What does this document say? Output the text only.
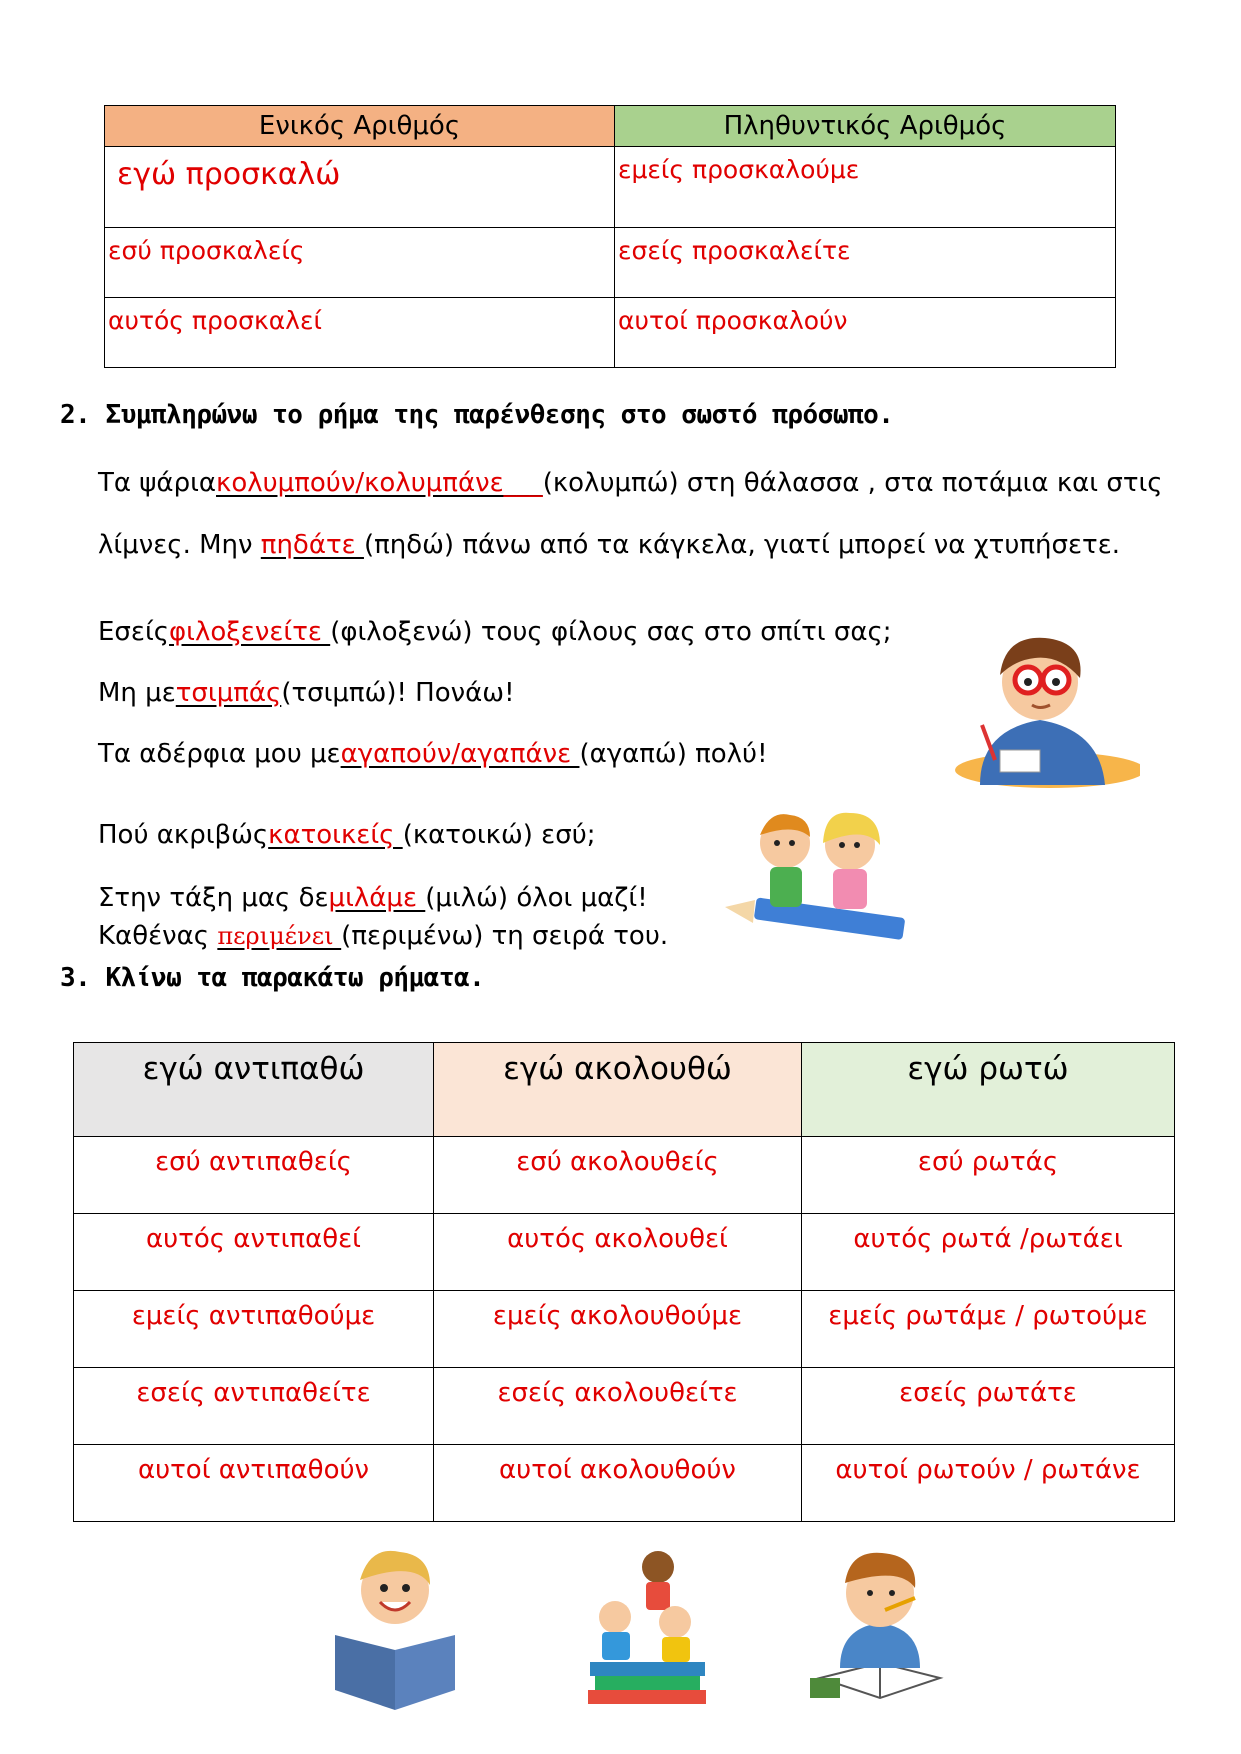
Ενικός Αριθμός	Πληθυντικός Αριθμός
εγώ προσκαλώ	εμείς προσκαλούμε
εσύ προσκαλείς	εσείς προσκαλείτε
αυτός προσκαλεί	αυτοί προσκαλούν
2. Συμπληρώνω το ρήμα της παρένθεσης στο σωστό πρόσωπο.
Τα ψάριακολυμπούν/κολυμπάνε___(κολυμπώ) στη θάλασσα , στα ποτάμια και στις
λίμνες. Μην πηδάτε (πηδώ) πάνω από τα κάγκελα, γιατί μπορεί να χτυπήσετε.
Εσείςφιλοξενείτε (φιλοξενώ) τους φίλους σας στο σπίτι σας;
Μη μετσιμπάς(τσιμπώ)! Πονάω!
Τα αδέρφια μου μεαγαπούν/αγαπάνε (αγαπώ) πολύ!
Πού ακριβώςκατοικείς (κατοικώ) εσύ;
Στην τάξη μας δεμιλάμε (μιλώ) όλοι μαζί!
Καθένας περιμένει (περιμένω) τη σειρά του.
3. Κλίνω τα παρακάτω ρήματα.
εγώ αντιπαθώ	εγώ ακολουθώ	εγώ ρωτώ
εσύ αντιπαθείς	εσύ ακολουθείς	εσύ ρωτάς
αυτός αντιπαθεί	αυτός ακολουθεί	αυτός ρωτά /ρωτάει
εμείς αντιπαθούμε	εμείς ακολουθούμε	εμείς ρωτάμε / ρωτούμε
εσείς αντιπαθείτε	εσείς ακολουθείτε	εσείς ρωτάτε
αυτοί αντιπαθούν	αυτοί ακολουθούν	αυτοί ρωτούν / ρωτάνε
